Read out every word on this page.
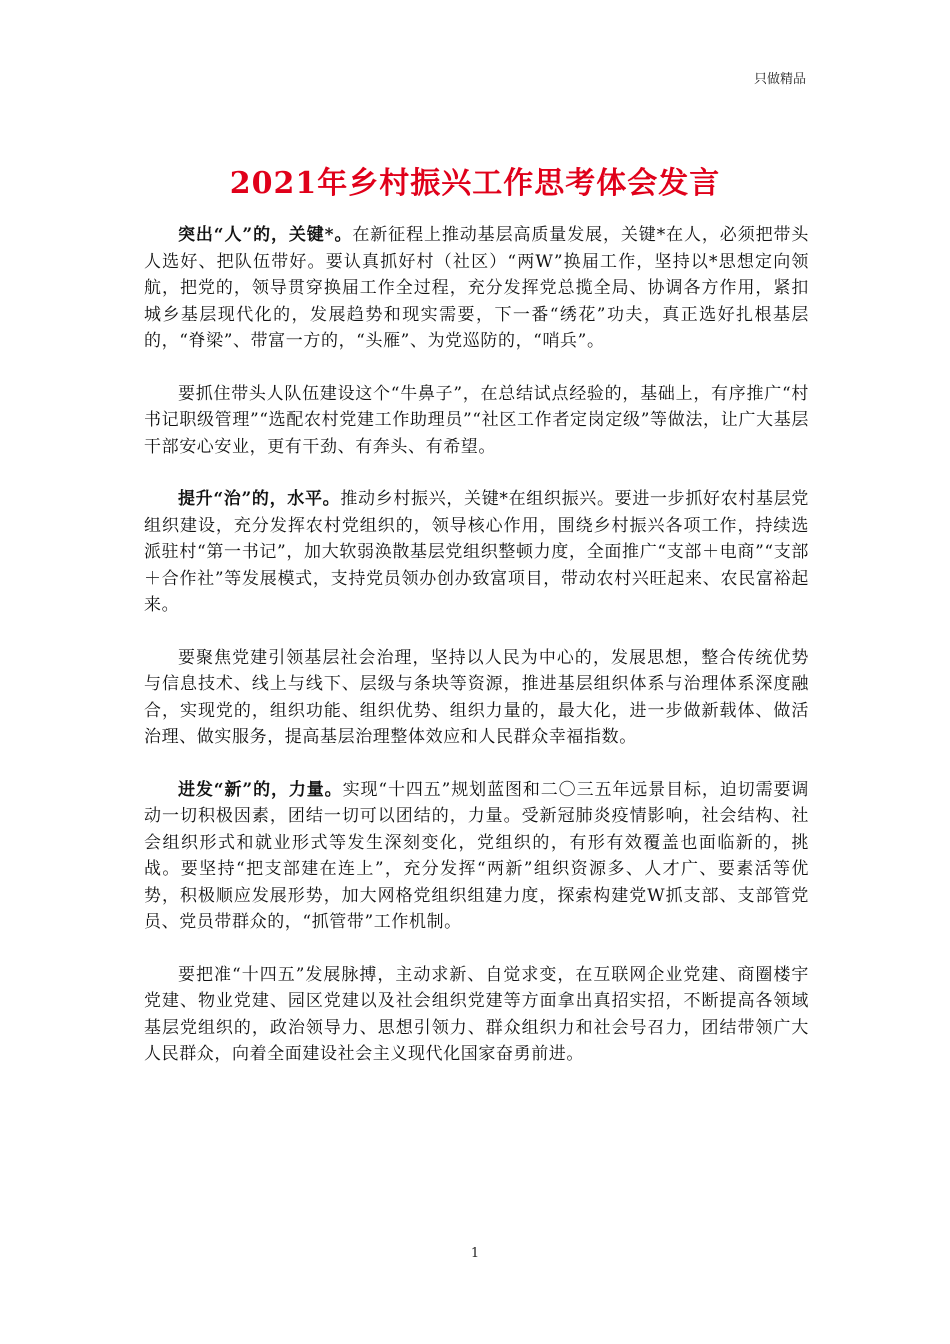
只做精品
2021年乡村振兴工作思考体会发言

突出“人”的，关键*。在新征程上推动基层高质量发展，关键*在人，必须把带头人选好、把队伍带好。要认真抓好村（社区）“两W”换届工作，坚持以*思想定向领航，把党的，领导贯穿换届工作全过程，充分发挥党总揽全局、协调各方作用，紧扣城乡基层现代化的，发展趋势和现实需要，下一番“绣花”功夫，真正选好扎根基层的，“脊梁”、带富一方的，“头雁”、为党巡防的，“哨兵”。

要抓住带头人队伍建设这个“牛鼻子”，在总结试点经验的，基础上，有序推广“村书记职级管理”“选配农村党建工作助理员”“社区工作者定岗定级”等做法，让广大基层干部安心安业，更有干劲、有奔头、有希望。

提升“治”的，水平。推动乡村振兴，关键*在组织振兴。要进一步抓好农村基层党组织建设，充分发挥农村党组织的，领导核心作用，围绕乡村振兴各项工作，持续选派驻村“第一书记”，加大软弱涣散基层党组织整顿力度，全面推广“支部＋电商”“支部＋合作社”等发展模式，支持党员领办创办致富项目，带动农村兴旺起来、农民富裕起来。

要聚焦党建引领基层社会治理，坚持以人民为中心的，发展思想，整合传统优势与信息技术、线上与线下、层级与条块等资源，推进基层组织体系与治理体系深度融合，实现党的，组织功能、组织优势、组织力量的，最大化，进一步做新载体、做活治理、做实服务，提高基层治理整体效应和人民群众幸福指数。

进发“新”的，力量。实现“十四五”规划蓝图和二〇三五年远景目标，迫切需要调动一切积极因素，团结一切可以团结的，力量。受新冠肺炎疫情影响，社会结构、社会组织形式和就业形式等发生深刻变化，党组织的，有形有效覆盖也面临新的，挑战。要坚持“把支部建在连上”，充分发挥“两新”组织资源多、人才广、要素活等优势，积极顺应发展形势，加大网格党组织组建力度，探索构建党W抓支部、支部管党员、党员带群众的，“抓管带”工作机制。

要把准“十四五”发展脉搏，主动求新、自觉求变，在互联网企业党建、商圈楼宇党建、物业党建、园区党建以及社会组织党建等方面拿出真招实招，不断提高各领域基层党组织的，政治领导力、思想引领力、群众组织力和社会号召力，团结带领广大人民群众，向着全面建设社会主义现代化国家奋勇前进。

1
